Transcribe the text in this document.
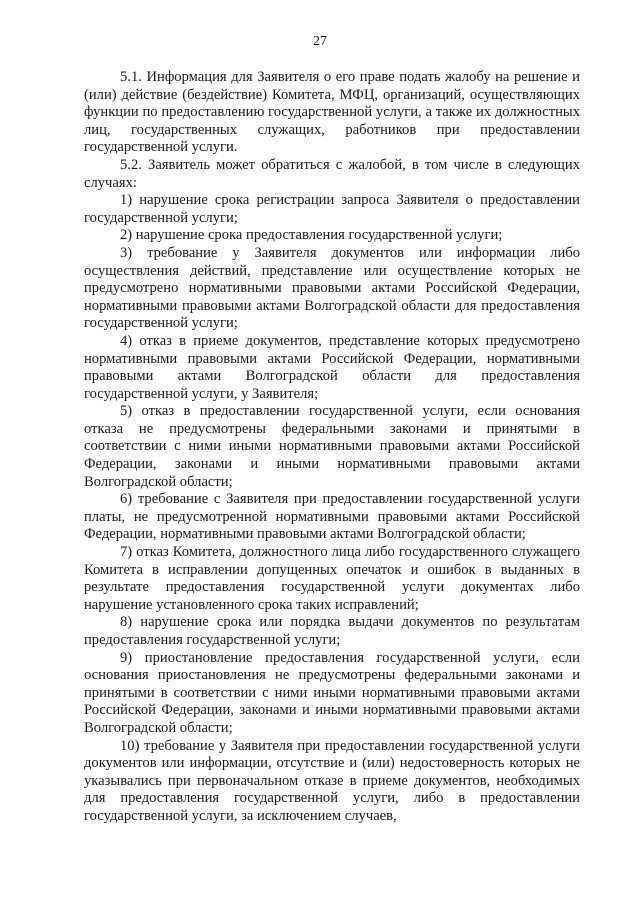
27

5.1. Информация для Заявителя о его праве подать жалобу на решение и (или) действие (бездействие) Комитета, МФЦ, организаций, осуществляющих функции по предоставлению государственной услуги, а также их должностных лиц, государственных служащих, работников при предоставлении государственной услуги.

5.2. Заявитель может обратиться с жалобой, в том числе в следующих случаях:

1) нарушение срока регистрации запроса Заявителя о предоставлении государственной услуги;

2) нарушение срока предоставления государственной услуги;

3) требование у Заявителя документов или информации либо осуществления действий, представление или осуществление которых не предусмотрено нормативными правовыми актами Российской Федерации, нормативными правовыми актами Волгоградской области для предоставления государственной услуги;

4) отказ в приеме документов, представление которых предусмотрено нормативными правовыми актами Российской Федерации, нормативными правовыми актами Волгоградской области для предоставления государственной услуги, у Заявителя;

5) отказ в предоставлении государственной услуги, если основания отказа не предусмотрены федеральными законами и принятыми в соответствии с ними иными нормативными правовыми актами Российской Федерации, законами и иными нормативными правовыми актами Волгоградской области;

6) требование с Заявителя при предоставлении государственной услуги платы, не предусмотренной нормативными правовыми актами Российской Федерации, нормативными правовыми актами Волгоградской области;

7) отказ Комитета, должностного лица либо государственного служащего Комитета в исправлении допущенных опечаток и ошибок в выданных в результате предоставления государственной услуги документах либо нарушение установленного срока таких исправлений;

8) нарушение срока или порядка выдачи документов по результатам предоставления государственной услуги;

9) приостановление предоставления государственной услуги, если основания приостановления не предусмотрены федеральными законами и принятыми в соответствии с ними иными нормативными правовыми актами Российской Федерации, законами и иными нормативными правовыми актами Волгоградской области;

10) требование у Заявителя при предоставлении государственной услуги документов или информации, отсутствие и (или) недостоверность которых не указывались при первоначальном отказе в приеме документов, необходимых для предоставления государственной услуги, либо в предоставлении государственной услуги, за исключением случаев,
